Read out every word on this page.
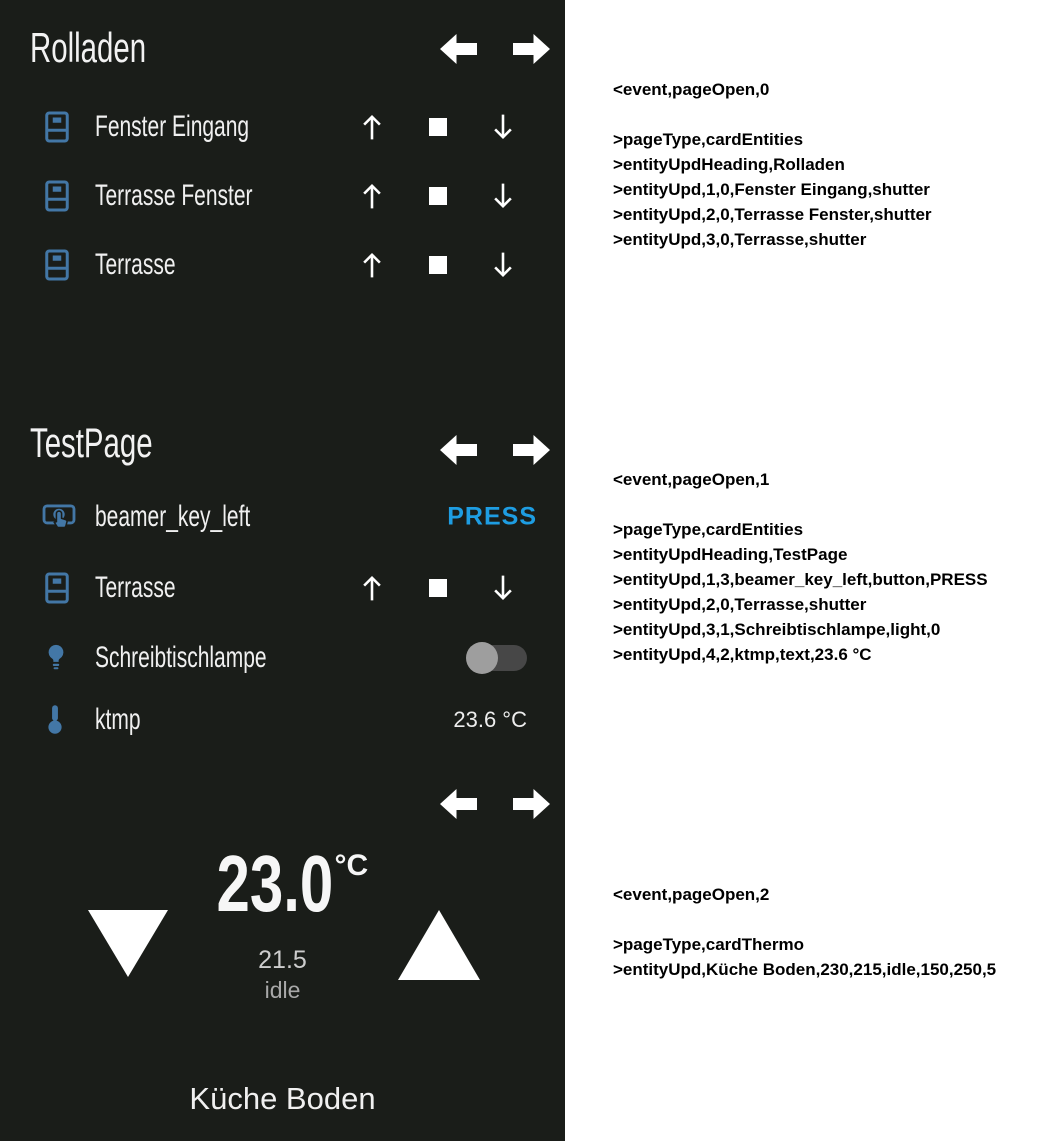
Rolladen
Fenster Eingang
Terrasse Fenster
Terrasse
TestPage
beamer_key_left	PRESS
Terrasse
Schreibtischlampe
ktmp	23.6 °C
23.0°C
21.5
idle
Küche Boden
<event,pageOpen,0
>pageType,cardEntities
>entityUpdHeading,Rolladen
>entityUpd,1,0,Fenster Eingang,shutter
>entityUpd,2,0,Terrasse Fenster,shutter
>entityUpd,3,0,Terrasse,shutter
<event,pageOpen,1
>pageType,cardEntities
>entityUpdHeading,TestPage
>entityUpd,1,3,beamer_key_left,button,PRESS
>entityUpd,2,0,Terrasse,shutter
>entityUpd,3,1,Schreibtischlampe,light,0
>entityUpd,4,2,ktmp,text,23.6 °C
<event,pageOpen,2
>pageType,cardThermo
>entityUpd,Küche Boden,230,215,idle,150,250,5
